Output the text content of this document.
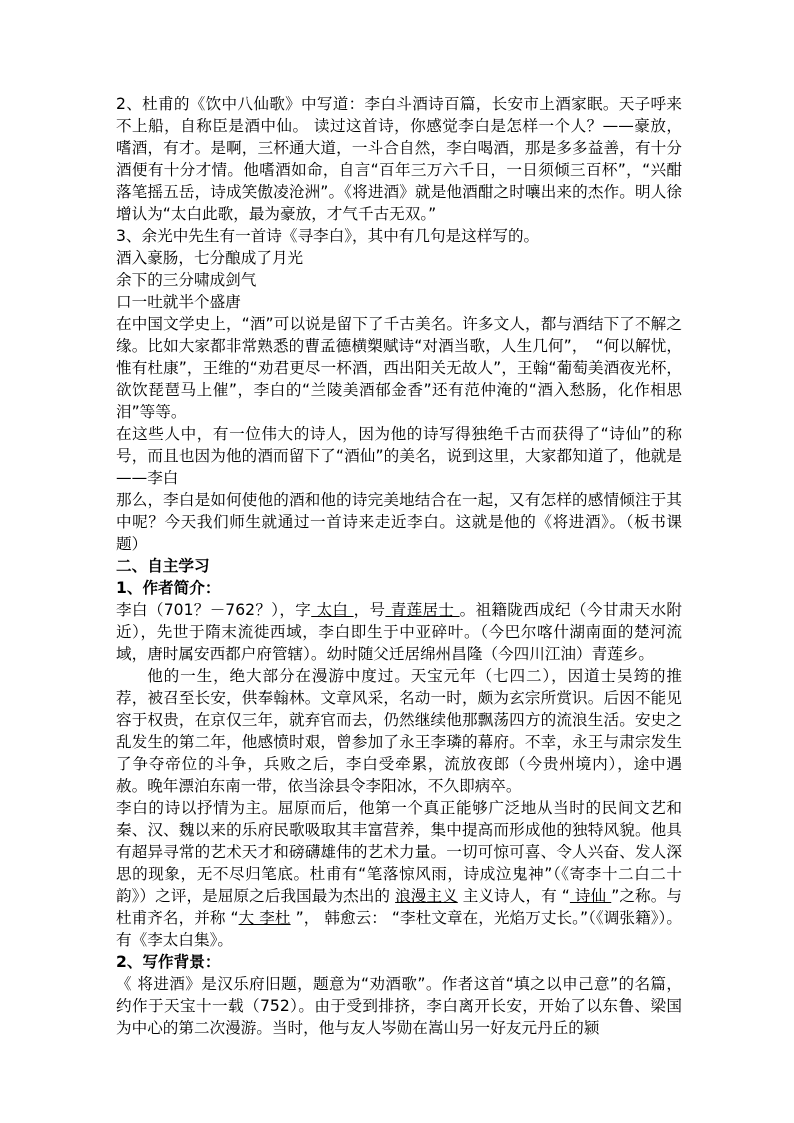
2、杜甫的《饮中八仙歌》中写道：李白斗酒诗百篇，长安市上酒家眠。天子呼来不上船，自称臣是酒中仙。 读过这首诗，你感觉李白是怎样一个人？——豪放，嗜酒，有才。是啊，三杯通大道，一斗合自然，李白喝酒，那是多多益善，有十分酒便有十分才情。他嗜酒如命，自言“百年三万六千日，一日须倾三百杯”，“兴酣落笔摇五岳，诗成笑傲凌沧洲”。《将进酒》就是他酒酣之时嚷出来的杰作。明人徐增认为“太白此歌，最为豪放，才气千古无双。”

3、余光中先生有一首诗《寻李白》，其中有几句是这样写的。

酒入豪肠，七分酿成了月光

余下的三分啸成剑气

口一吐就半个盛唐

在中国文学史上，“酒”可以说是留下了千古美名。许多文人，都与酒结下了不解之缘。比如大家都非常熟悉的曹孟德横槊赋诗“对酒当歌，人生几何”，　“何以解忧，惟有杜康”，王维的“劝君更尽一杯酒，西出阳关无故人”，王翰“葡萄美酒夜光杯，欲饮琵琶马上催”，李白的“兰陵美酒郁金香”还有范仲淹的“酒入愁肠，化作相思泪”等等。

在这些人中，有一位伟大的诗人，因为他的诗写得独绝千古而获得了“诗仙”的称号，而且也因为他的酒而留下了“酒仙”的美名，说到这里，大家都知道了，他就是——李白

那么，李白是如何使他的酒和他的诗完美地结合在一起，又有怎样的感情倾注于其中呢？今天我们师生就通过一首诗来走近李白。这就是他的《将进酒》。（板书课题）

二、自主学习

1、作者简介：

李白（701？－762？），字 太白 ，号 青莲居士 。祖籍陇西成纪（今甘肃天水附近），先世于隋末流徙西域，李白即生于中亚碎叶。（今巴尔喀什湖南面的楚河流域，唐时属安西都户府管辖）。幼时随父迁居绵州昌隆（今四川江油）青莲乡。

他的一生，绝大部分在漫游中度过。天宝元年（七四二），因道士吴筠的推荐，被召至长安，供奉翰林。文章风采，名动一时，颇为玄宗所赏识。后因不能见容于权贵，在京仅三年，就弃官而去，仍然继续他那飘荡四方的流浪生活。安史之乱发生的第二年，他感愤时艰，曾参加了永王李璘的幕府。不幸，永王与肃宗发生了争夺帝位的斗争，兵败之后，李白受牵累，流放夜郎（今贵州境内），途中遇赦。晚年漂泊东南一带，依当涂县令李阳冰，不久即病卒。

李白的诗以抒情为主。屈原而后，他第一个真正能够广泛地从当时的民间文艺和秦、汉、魏以来的乐府民歌吸取其丰富营养，集中提高而形成他的独特风貌。他具有超异寻常的艺术天才和磅礴雄伟的艺术力量。一切可惊可喜、令人兴奋、发人深思的现象，无不尽归笔底。杜甫有“笔落惊风雨，诗成泣鬼神”（《寄李十二白二十韵》）之评，是屈原之后我国最为杰出的 浪漫主义 主义诗人，有 “ 诗仙 ”之称。与杜甫齐名，并称 “大 李杜 ”， 韩愈云： “李杜文章在，光焰万丈长。”（《调张籍》）。有《李太白集》。

2、写作背景：

《 将进酒》是汉乐府旧题，题意为“劝酒歌”。作者这首“填之以申己意”的名篇，约作于天宝十一载（752）。由于受到排挤，李白离开长安，开始了以东鲁、梁国为中心的第二次漫游。当时，他与友人岑勋在嵩山另一好友元丹丘的颍
